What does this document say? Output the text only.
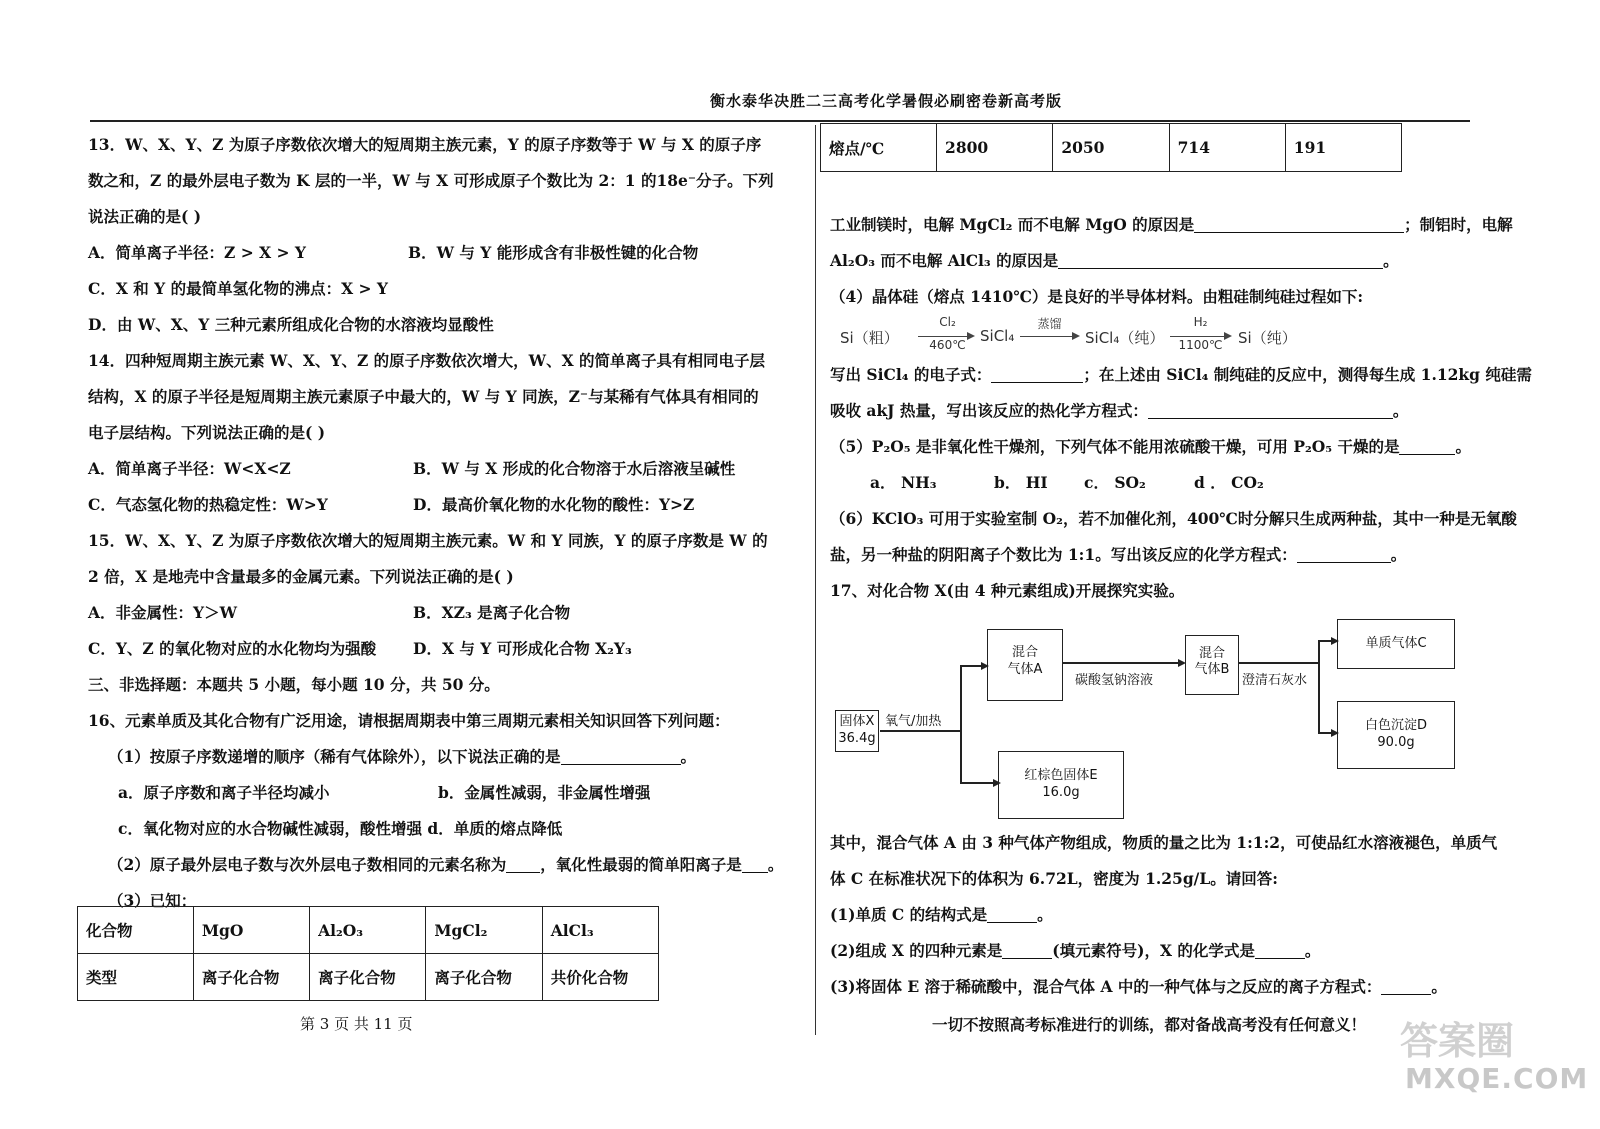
衡水泰华决胜二三高考化学暑假必刷密卷新高考版

13．W、X、Y、Z 为原子序数依次增大的短周期主族元素，Y 的原子序数等于 W 与 X 的原子序

数之和，Z 的最外层电子数为 K 层的一半，W 与 X 可形成原子个数比为 2：1 的18e⁻分子。下列

说法正确的是( )

A．简单离子半径：Z > X > Y	B．W 与 Y 能形成含有非极性键的化合物

C．X 和 Y 的最简单氢化物的沸点：X > Y

D．由 W、X、Y 三种元素所组成化合物的水溶液均显酸性

14．四种短周期主族元素 W、X、Y、Z 的原子序数依次增大，W、X 的简单离子具有相同电子层

结构，X 的原子半径是短周期主族元素原子中最大的，W 与 Y 同族，Z⁻与某稀有气体具有相同的

电子层结构。下列说法正确的是( )

A．简单离子半径：W<X<Z	B．W 与 X 形成的化合物溶于水后溶液呈碱性

C．气态氢化物的热稳定性：W>Y	D．最高价氧化物的水化物的酸性：Y>Z

15．W、X、Y、Z 为原子序数依次增大的短周期主族元素。W 和 Y 同族，Y 的原子序数是 W 的

2 倍，X 是地壳中含量最多的金属元素。下列说法正确的是( )

A．非金属性：Y＞W	B．XZ₃ 是离子化合物

C．Y、Z 的氧化物对应的水化物均为强酸 D．X 与 Y 可形成化合物 X₂Y₃

三、非选择题：本题共 5 小题，每小题 10 分，共 50 分。

16、元素单质及其化合物有广泛用途，请根据周期表中第三周期元素相关知识回答下列问题：

（1）按原子序数递增的顺序（稀有气体除外），以下说法正确的是	。

a．原子序数和离子半径均减小	b．金属性减弱，非金属性增强

c．氧化物对应的水合物碱性减弱，酸性增强 d．单质的熔点降低

（2）原子最外层电子数与次外层电子数相同的元素名称为 ，氧化性最弱的简单阳离子是 。

（3）已知：

化合物	MgO	Al₂O₃	MgCl₂	AlCl₃
类型	离子化合物	离子化合物	离子化合物	共价化合物
第 3 页 共 11 页
熔点/℃	2800	2050	714	191

工业制镁时，电解 MgCl₂ 而不电解 MgO 的原因是	；制铝时，电解

Al₂O₃ 而不电解 AlCl₃ 的原因是	。

（4）晶体硅（熔点 1410℃）是良好的半导体材料。由粗硅制纯硅过程如下:

Si（粗）
Cl₂
460℃ SiCl₄
蒸馏
→ SiCl₄（纯）
H₂
1100℃	Si（纯）

写出 SiCl₄ 的电子式：	；在上述由 SiCl₄ 制纯硅的反应中，测得每生成 1.12kg 纯硅需

吸收 akJ 热量，写出该反应的热化学方程式：	。

（5）P₂O₅ 是非氧化性干燥剂，下列气体不能用浓硫酸干燥，可用 P₂O₅ 干燥的是	。

a． NH₃	b． HI c． SO₂	d ． CO₂

（6）KClO₃ 可用于实验室制 O₂，若不加催化剂，400℃时分解只生成两种盐，其中一种是无氧酸

盐，另一种盐的阴阳离子个数比为 1:1。写出该反应的化学方程式：	。

17、对化合物 X(由 4 种元素组成)开展探究实验。

固体X
36.4g
氧气/加热
混合
气体A
碳酸氢钠溶液
混合
气体B
澄清石灰水
单质气体C
白色沉淀D
90.0g
红棕色固体E
16.0g

其中，混合气体 A 由 3 种气体产物组成，物质的量之比为 1:1:2，可使品红水溶液褪色，单质气

体 C 在标准状况下的体积为 6.72L，密度为 1.25g/L。请回答:

(1)单质 C 的结构式是	。

(2)组成 X 的四种元素是	(填元素符号)，X 的化学式是	。

(3)将固体 E 溶于稀硫酸中，混合气体 A 中的一种气体与之反应的离子方程式：	。

一切不按照高考标准进行的训练，都对备战高考没有任何意义！ 答案圈
MXQE.COM
